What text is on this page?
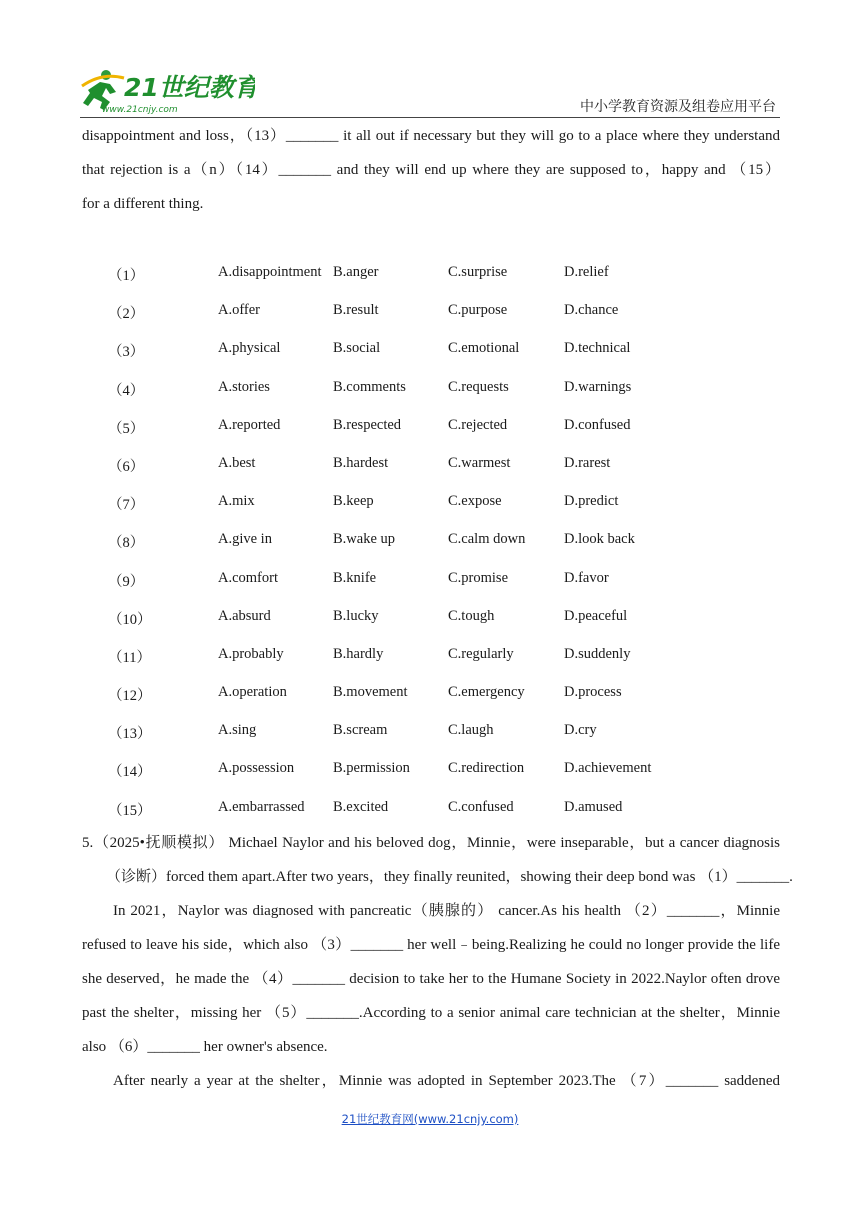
21世纪教育
www.21cnjy.com	中小学教育资源及组卷应用平台
disappointment and loss，（13）_______ it all out if necessary but they will go to a place where they understand
that rejection is a（n）（14）_______ and they will end up where they are supposed to，happy and （15）
for a different thing.
（1）	A.disappointment B.anger	C.surprise	D.relief
（2）	A.offer	B.result	C.purpose	D.chance
（3）	A.physical	B.social	C.emotional	D.technical
（4）	A.stories	B.comments	C.requests	D.warnings
（5）	A.reported	B.respected	C.rejected	D.confused
（6）	A.best	B.hardest	C.warmest	D.rarest
（7）	A.mix	B.keep	C.expose	D.predict
（8）	A.give in	B.wake up	C.calm down	D.look back
（9）	A.comfort	B.knife	C.promise	D.favor
（10）	A.absurd	B.lucky	C.tough	D.peaceful
（11）	A.probably	B.hardly	C.regularly	D.suddenly
（12）	A.operation	B.movement	C.emergency	D.process
（13）	A.sing	B.scream	C.laugh	D.cry
（14）	A.possession	B.permission	C.redirection	D.achievement
（15）	A.embarrassed B.excited	C.confused	D.amused
5.（2025•抚顺模拟） Michael Naylor and his beloved dog，Minnie，were inseparable，but a cancer diagnosis
（诊断）forced them apart.After two years，they finally reunited，showing their deep bond was （1）_______.
In 2021，Naylor was diagnosed with pancreatic（胰腺的） cancer.As his health （2）_______，Minnie
refused to leave his side，which also （3）_______ her well﹣being.Realizing he could no longer provide the life
she deserved，he made the （4）_______ decision to take her to the Humane Society in 2022.Naylor often drove
past the shelter，missing her （5）_______.According to a senior animal care technician at the shelter，Minnie
also （6）_______ her owner's absence.
After nearly a year at the shelter，Minnie was adopted in September 2023.The （7）_______ saddened
21世纪教育网(www.21cnjy.com)
